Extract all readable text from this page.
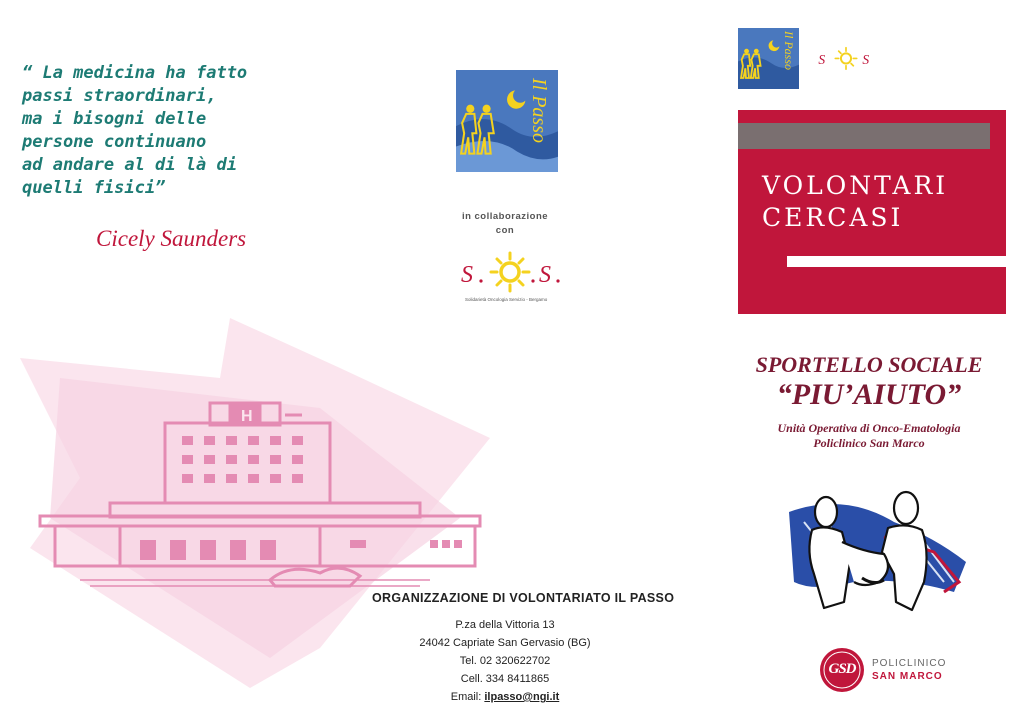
“ La medicina ha fatto
passi straordinari,
ma i bisogni delle
persone continuano
ad andare al di là di
quelli fisici”
Cicely Saunders
Il Passo
in collaborazione
con
S	S
Solidarietà Oncologia Servizio - Bergamo
H
ORGANIZZAZIONE DI VOLONTARIATO IL PASSO
P.za della Vittoria 13
24042 Capriate San Gervasio (BG)
Tel. 02 320622702
Cell. 334 8411865
Email: ilpasso@ngi.it
Il Passo S S
VOLONTARI
CERCASI
SPORTELLO SOCIALE
“PIU’AIUTO”
Unità Operativa di Onco-Ematologia
Policlinico San Marco
GSD	POLICLINICO
SAN MARCO
